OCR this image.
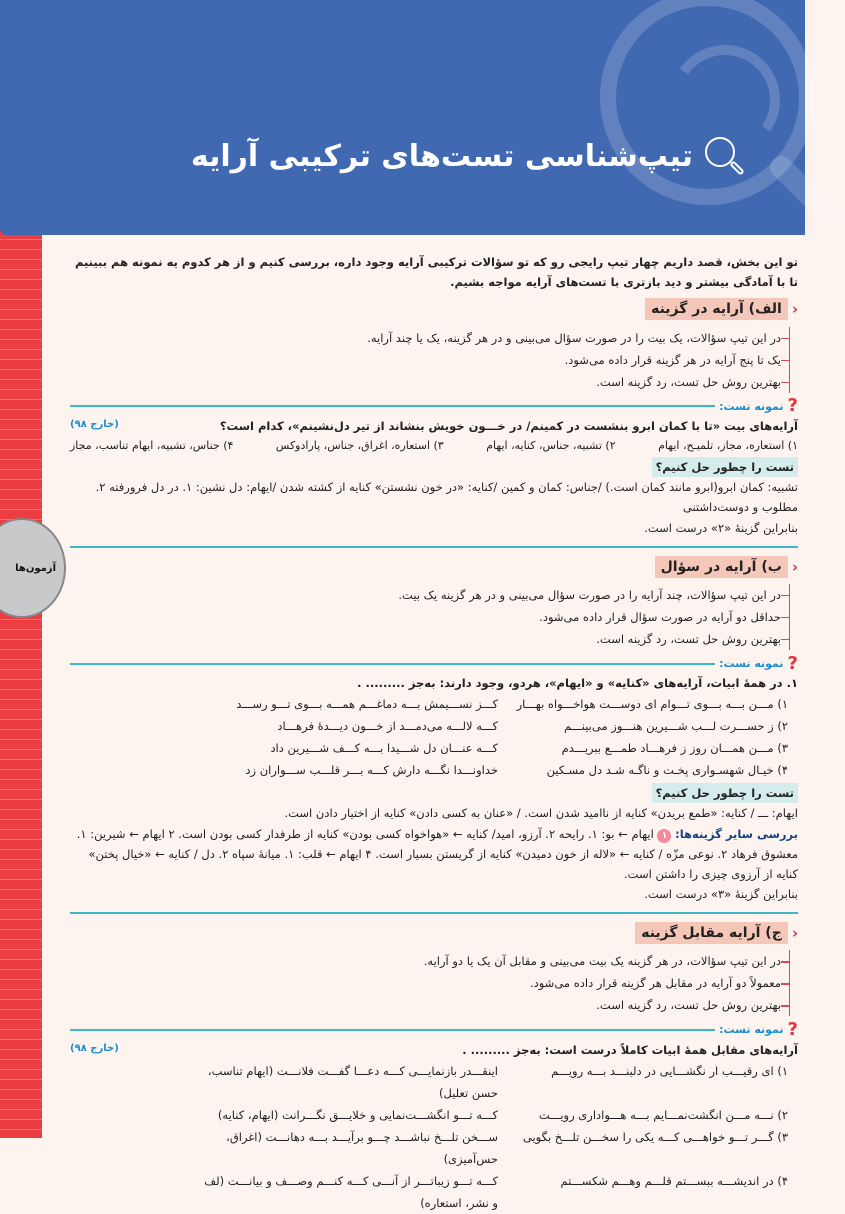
تیپ‌شناسی تست‌های ترکیبی آرایه
آزمون‌ها

تو این بخش، قصد داریم چهار تیپ رایجی رو که تو سؤالات ترکیبی آرایه وجود داره، بررسی کنیم و از هر کدوم یه نمونه هم ببینیم تا با آمادگی بیشتر و دید بازتری با تست‌های آرایه مواجه بشیم.

‹
الف) آرایه در گزینه
در این تیپ سؤالات، یک بیت را در صورت سؤال می‌بینی و در هر گزینه، یک یا چند آرایه.
یک تا پنج آرایه در هر گزینه قرار داده می‌شود.
بهترین روش حل تست، رد گزینه است.
?
نمونه تست:
آرایه‌های بیت «تا با کمان ابرو بنشست در کمینم/ در خـــون خویش بنشاند از تیر دل‌نشینم»، کدام است؟
(خارج ۹۸)
۱) استعاره، مجاز، تلمیـح، ایهام
۲) تشبیه، جناس، کنایه، ایهام
۳) استعاره، اغراق، جناس، پارادوکس
۴) جناس، تشبیه، ایهام تناسب، مجاز
تست را چطور حل کنیم؟

تشبیه: کمان ابرو(ابرو مانند کمان است.) /جناس: کمان و کمین /کنایه: «در خون نشستن» کنایه از کشته شدن /ایهام: دل نشین: ۱. در دل فرورفته ۲. مطلوب و دوست‌داشتنی

بنابراین گزینهٔ «۲» درست است.

‹
ب) آرایه در سؤال
در این تیپ سؤالات، چند آرایه را در صورت سؤال می‌بینی و در هر گزینه یک بیت.
حداقل دو آرایه در صورت سؤال قرار داده می‌شود.
بهترین روش حل تست، رد گزینه است.
?
نمونه تست:
۱. در همهٔ ابیات، آرایه‌های «کنایه» و «ایهام»، هردو، وجود دارند: به‌جز ......... .
۱) مـــن بـــه بـــوی تـــوام ای دوســـت هواخـــواه بهـــار
کـــز نســـیمش بـــه دماغـــم همـــه بـــوی تـــو رســـد
۲) ز حســـرت لـــب شـــیرین هنـــوز می‌بینـــم
کـــه لالـــه می‌دمـــد از خـــون دیـــدهٔ فرهـــاد
۳) مـــن همـــان روز ز فرهـــاد طمـــع ببریـــدم
کـــه عنـــان دل شـــیدا بـــه کـــف شـــیرین داد
۴) خیـال شهسـواری پخـت و ناگـه شـد دل مسـکین
خداونـــدا نگـــه دارش کـــه بـــر قلـــب ســـواران زد
تست را چطور حل کنیم؟

ایهام: ـــ / کنایه: «طمع بریدن» کنایه از ناامید شدن است. / «عنان به کسی دادن» کنایه از اختیار دادن است.

بررسی سایر گزینه‌ها: ۱ ایهام ← بو: ۱. رایحه ۲. آرزو، امید/ کنایه ← «هواخواه کسی بودن» کنایه از طرفدار کسی بودن است. ۲ ایهام ← شیرین: ۱. معشوق فرهاد ۲. نوعی مزّه / کنایه ← «لاله از خون دمیدن» کنایه از گریستن بسیار است. ۴ ایهام ← قلب: ۱. میانهٔ سپاه ۲. دل / کنایه ← «خیال پختن» کنایه از آرزوی چیزی را داشتن است.

بنابراین گزینهٔ «۳» درست است.

‹
ج) آرایه مقابل گزینه
در این تیپ سؤالات، در هر گزینه یک بیت می‌بینی و مقابل آن یک یا دو آرایه.
معمولاً دو آرایه در مقابل هر گزینه قرار داده می‌شود.
بهترین روش حل تست، رد گزینه است.
?
نمونه تست:
آرایه‌های مقابل همهٔ ابیات کاملاً درست است: به‌جز ......... .
(خارج ۹۸)
۱) ای رقیـــب ار نگشـــایی در دلبنـــد بـــه رویـــم
اینقـــدر بازنمایـــی کـــه دعـــا گفـــت فلانـــت (ایهام تناسب، حسن تعلیل)
۲) نـــه مـــن انگشت‌نمـــایم بـــه هـــواداری رویـــت
کـــه تـــو انگشـــت‌نمایی و خلایـــق نگـــرانت (ایهام، کنایه)
۳) گـــر تـــو خواهـــی کـــه یکی را سخـــن تلـــخ بگویی
ســـخن تلـــخ نباشـــد چـــو برآیـــد بـــه دهانـــت (اغراق، حس‌آمیزی)
۴) در اندیشـــه ببســـتم قلـــم وهـــم شکســـتم
کـــه تـــو زیباتـــر از آنـــی کـــه کنـــم وصـــف و بیانـــت (لف و نشر، استعاره)
